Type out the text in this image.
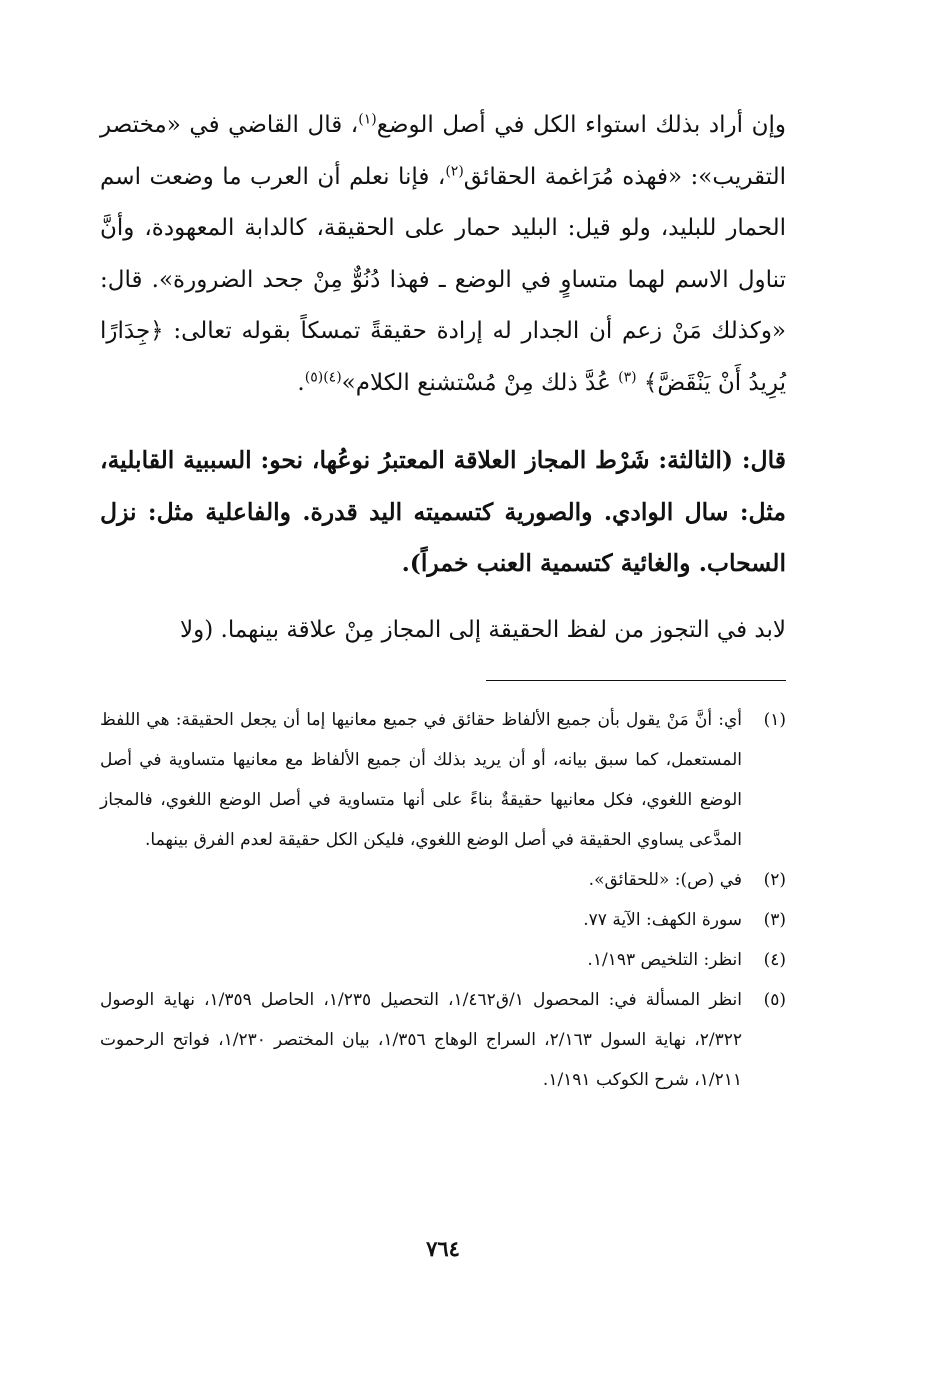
وإن أراد بذلك استواء الكل في أصل الوضع$^{(١)}$، قال القاضي في «مختصر التقريب»: «فهذه مُرَاغمة الحقائق$^{(٢)}$، فإنا نعلم أن العرب ما وضعت اسم الحمار للبليد، ولو قيل: البليد حمار على الحقيقة، كالدابة المعهودة، وأنَّ تناول الاسم لهما متساوٍ في الوضع ـ فهذا دُنُوٌّ مِنْ جحد الضرورة». قال: «وكذلك مَنْ زعم أن الجدار له إرادة حقيقةً تمسكاً بقوله تعالى: ﴿جِدَارًا يُرِيدُ أَنْ يَنْقَضَّ﴾ $^{(٣)}$ عُدَّ ذلك مِنْ مُسْتشنع الكلام»$^{(٤)(٥)}$.

قال: (الثالثة: شَرْط المجاز العلاقة المعتبرُ نوعُها، نحو: السببية القابلية، مثل: سال الوادي. والصورية كتسميته اليد قدرة. والفاعلية مثل: نزل السحاب. والغائية كتسمية العنب خمراً).

لابد في التجوز من لفظ الحقيقة إلى المجاز مِنْ علاقة بينهما. (ولا

(١)
أي: أنَّ مَنْ يقول بأن جميع الألفاظ حقائق في جميع معانيها إما أن يجعل الحقيقة: هي اللفظ المستعمل، كما سبق بيانه، أو أن يريد بذلك أن جميع الألفاظ مع معانيها متساوية في أصل الوضع اللغوي، فكل معانيها حقيقةٌ بناءً على أنها متساوية في أصل الوضع اللغوي، فالمجاز المدَّعى يساوي الحقيقة في أصل الوضع اللغوي، فليكن الكل حقيقة لعدم الفرق بينهما.
(٢)
في (ص): «للحقائق».
(٣)
سورة الكهف: الآية ٧٧.
(٤)
انظر: التلخيص ١/١٩٣.
(٥)
انظر المسألة في: المحصول ١/ق١/٤٦٢، التحصيل ١/٢٣٥، الحاصل ١/٣٥٩، نهاية الوصول ٢/٣٢٢، نهاية السول ٢/١٦٣، السراج الوهاج ١/٣٥٦، بيان المختصر ١/٢٣٠، فواتح الرحموت ١/٢١١، شرح الكوكب ١/١٩١.
٧٦٤
